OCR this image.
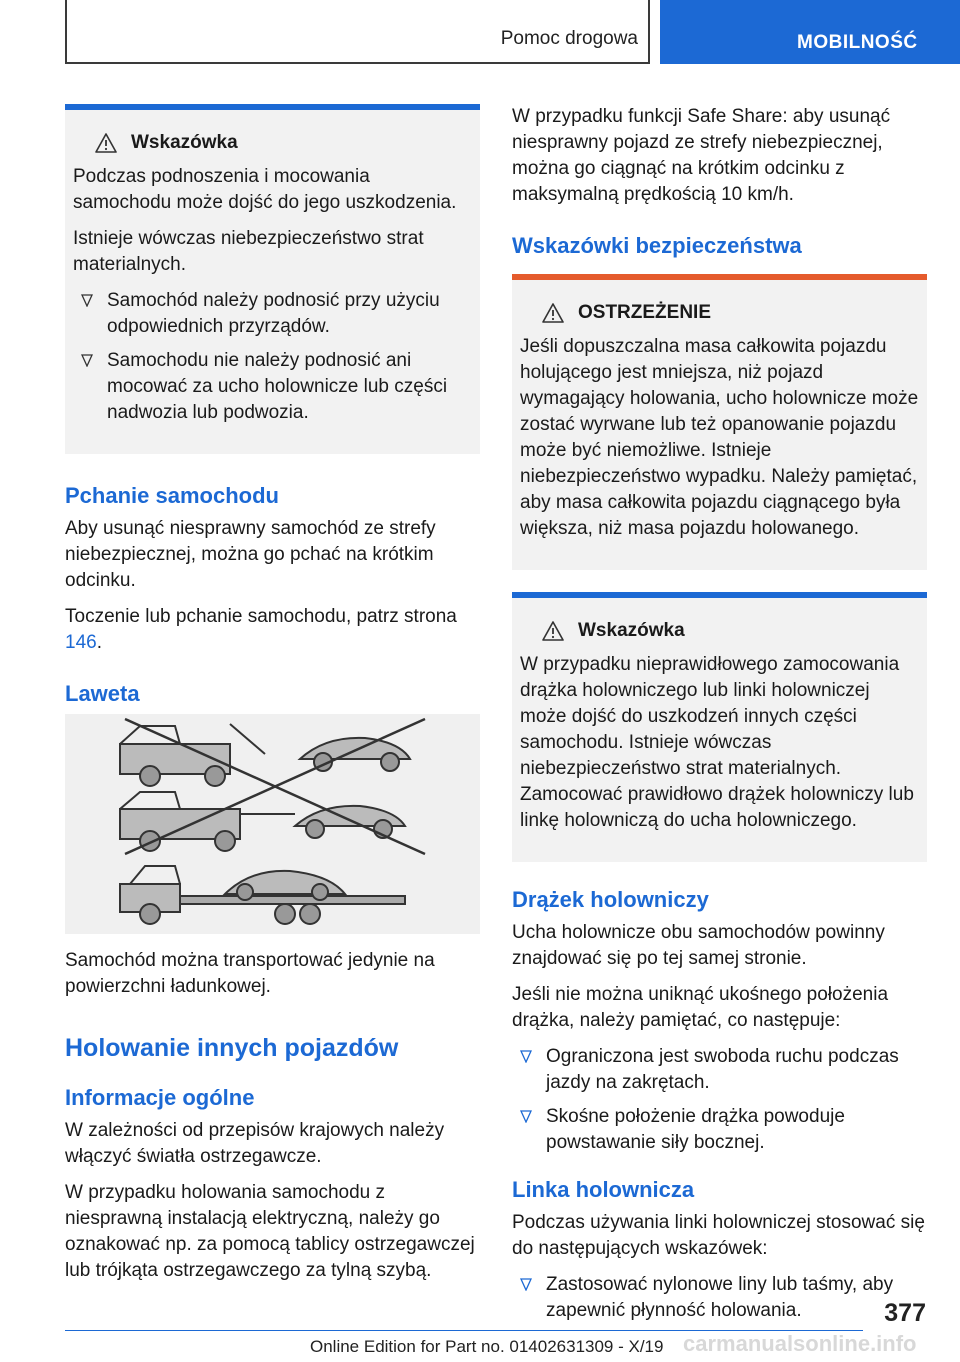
Pomoc drogowa	MOBILNOŚĆ
Wskazówka

Podczas podnoszenia i mocowania samochodu może dojść do jego uszkodzenia.

Istnieje wówczas niebezpieczeństwo strat materialnych.

Samochód należy podnosić przy użyciu odpowiednich przyrządów.
Samochodu nie należy podnosić ani mocować za ucho holownicze lub części nadwozia lub podwozia.
Pchanie samochodu

Aby usunąć niesprawny samochód ze strefy niebezpiecznej, można go pchać na krótkim odcinku.

Toczenie lub pchanie samochodu, patrz strona 146.

Laweta

Samochód można transportować jedynie na powierzchni ładunkowej.

Holowanie innych pojazdów
Informacje ogólne

W zależności od przepisów krajowych należy włączyć światła ostrzegawcze.

W przypadku holowania samochodu z niesprawną instalacją elektryczną, należy go oznakować np. za pomocą tablicy ostrzegawczej lub trójkąta ostrzegawczego za tylną szybą.

W przypadku funkcji Safe Share: aby usunąć niesprawny pojazd ze strefy niebezpiecznej, można go ciągnąć na krótkim odcinku z maksymalną prędkością 10 km/h.

Wskazówki bezpieczeństwa
OSTRZEŻENIE

Jeśli dopuszczalna masa całkowita pojazdu holującego jest mniejsza, niż pojazd wymagający holowania, ucho holownicze może zostać wyrwane lub też opanowanie pojazdu może być niemożliwe. Istnieje niebezpieczeństwo wypadku. Należy pamiętać, aby masa całkowita pojazdu ciągnącego była większa, niż masa pojazdu holowanego.

Wskazówka

W przypadku nieprawidłowego zamocowania drążka holowniczego lub linki holowniczej może dojść do uszkodzeń innych części samochodu. Istnieje wówczas niebezpieczeństwo strat materialnych. Zamocować prawidłowo drążek holowniczy lub linkę holowniczą do ucha holowniczego.

Drążek holowniczy

Ucha holownicze obu samochodów powinny znajdować się po tej samej stronie.

Jeśli nie można uniknąć ukośnego położenia drążka, należy pamiętać, co następuje:

Ograniczona jest swoboda ruchu podczas jazdy na zakrętach.
Skośne położenie drążka powoduje powstawanie siły bocznej.
Linka holownicza

Podczas używania linki holowniczej stosować się do następujących wskazówek:

Zastosować nylonowe liny lub taśmy, aby zapewnić płynność holowania.	377
Online Edition for Part no. 01402631309 - X/19 carmanualsonline.info
